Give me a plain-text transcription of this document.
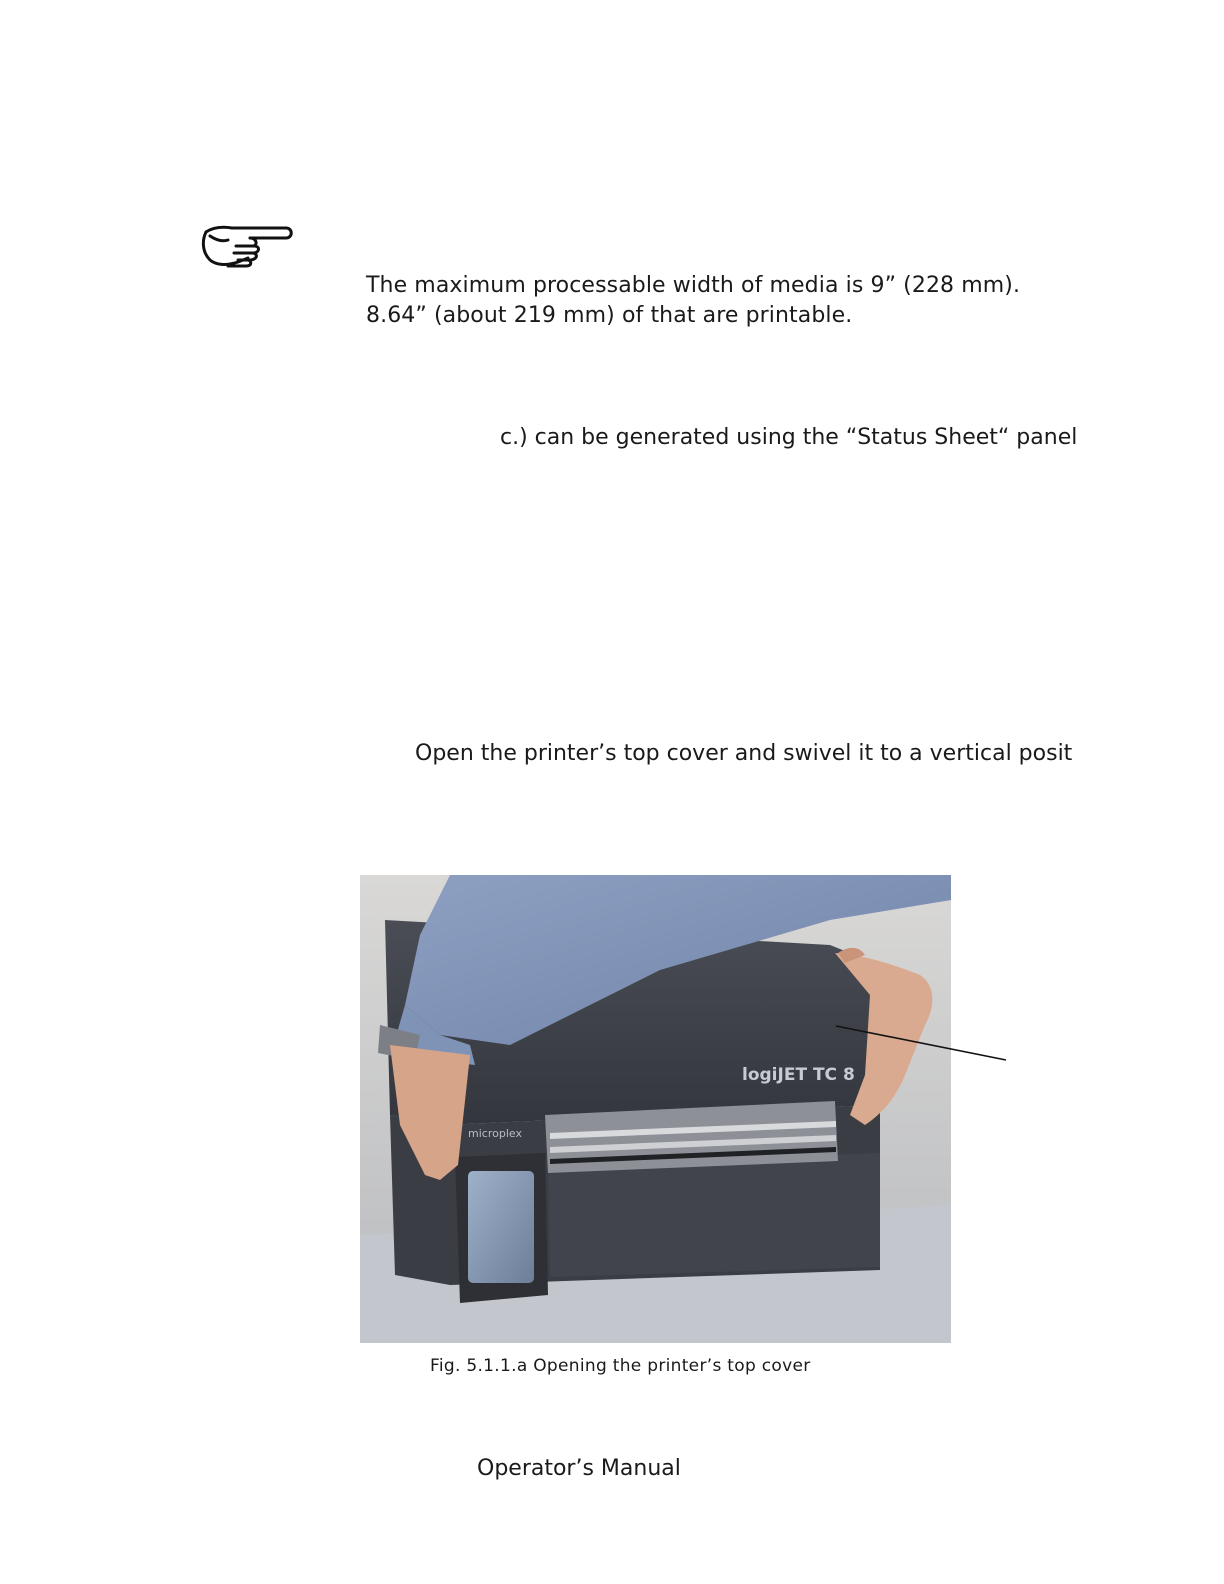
The maximum processable width of media is 9” (228 mm).
8.64” (about 219 mm) of that are printable.
c.) can be generated using the “Status Sheet“ panel
Open the printer’s top cover and swivel it to a vertical posit
microplex
logiJET TC 8
Fig. 5.1.1.a Opening the printer’s top cover
Operator’s Manual
